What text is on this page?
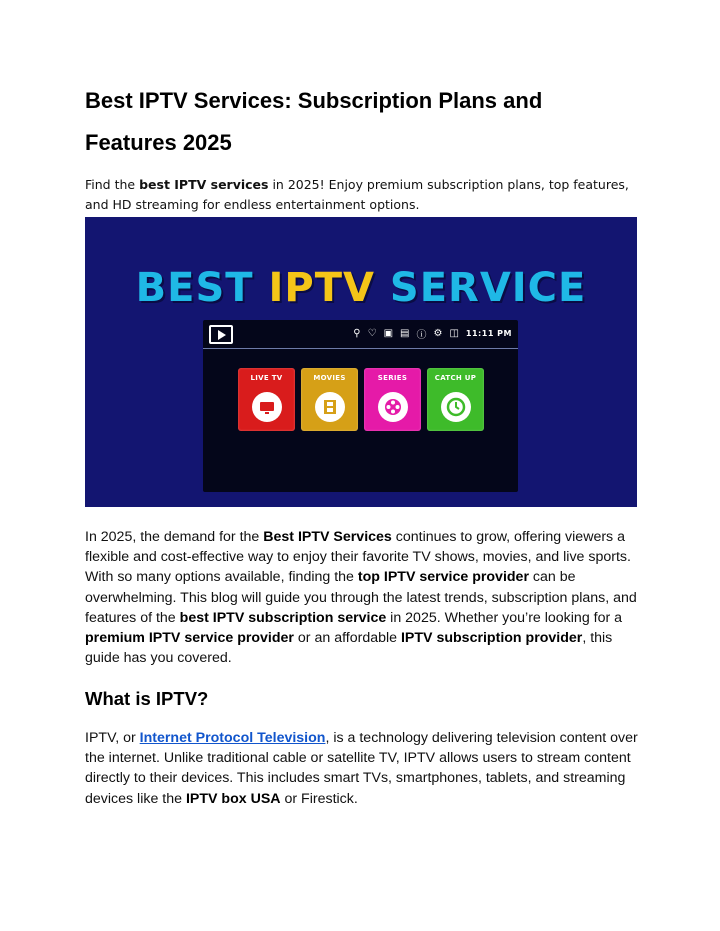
Best IPTV Services: Subscription Plans and
Features 2025

Find the best IPTV services in 2025! Enjoy premium subscription plans, top features, and HD streaming for endless entertainment options.

BEST IPTV SERVICE
⚲ ♡ ▣ ▤ ⓘ ⚙ ◫ 11:11 PM
LIVE TV	MOVIES	SERIES	CATCH UP

In 2025, the demand for the Best IPTV Services continues to grow, offering viewers a flexible and cost-effective way to enjoy their favorite TV shows, movies, and live sports. With so many options available, finding the top IPTV service provider can be overwhelming. This blog will guide you through the latest trends, subscription plans, and features of the best IPTV subscription service in 2025. Whether you’re looking for a premium IPTV service provider or an affordable IPTV subscription provider, this guide has you covered.

What is IPTV?

IPTV, or Internet Protocol Television, is a technology delivering television content over the internet. Unlike traditional cable or satellite TV, IPTV allows users to stream content directly to their devices. This includes smart TVs, smartphones, tablets, and streaming devices like the IPTV box USA or Firestick.
